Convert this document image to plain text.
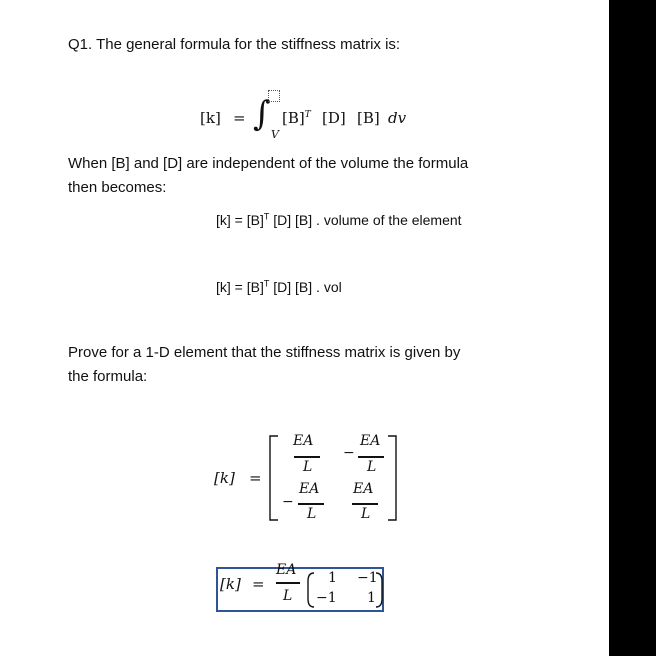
Q1. The general formula for the stiffness matrix is:
[k] = ∫
V
$[B]^T$ [D] [B] dv
When [B] and [D] are independent of the volume the formula
then becomes:
$[k] = [B]^T$ [D] [B] . volume of the element
$[k] = [B]^T$ [D] [B] . vol
Prove for a 1-D element that the stiffness matrix is given by
the formula:
[k] =
EA
L
−
EA
L
−
EA
L
EA
L
[k] =
EA
L
1 −1
−1 1
